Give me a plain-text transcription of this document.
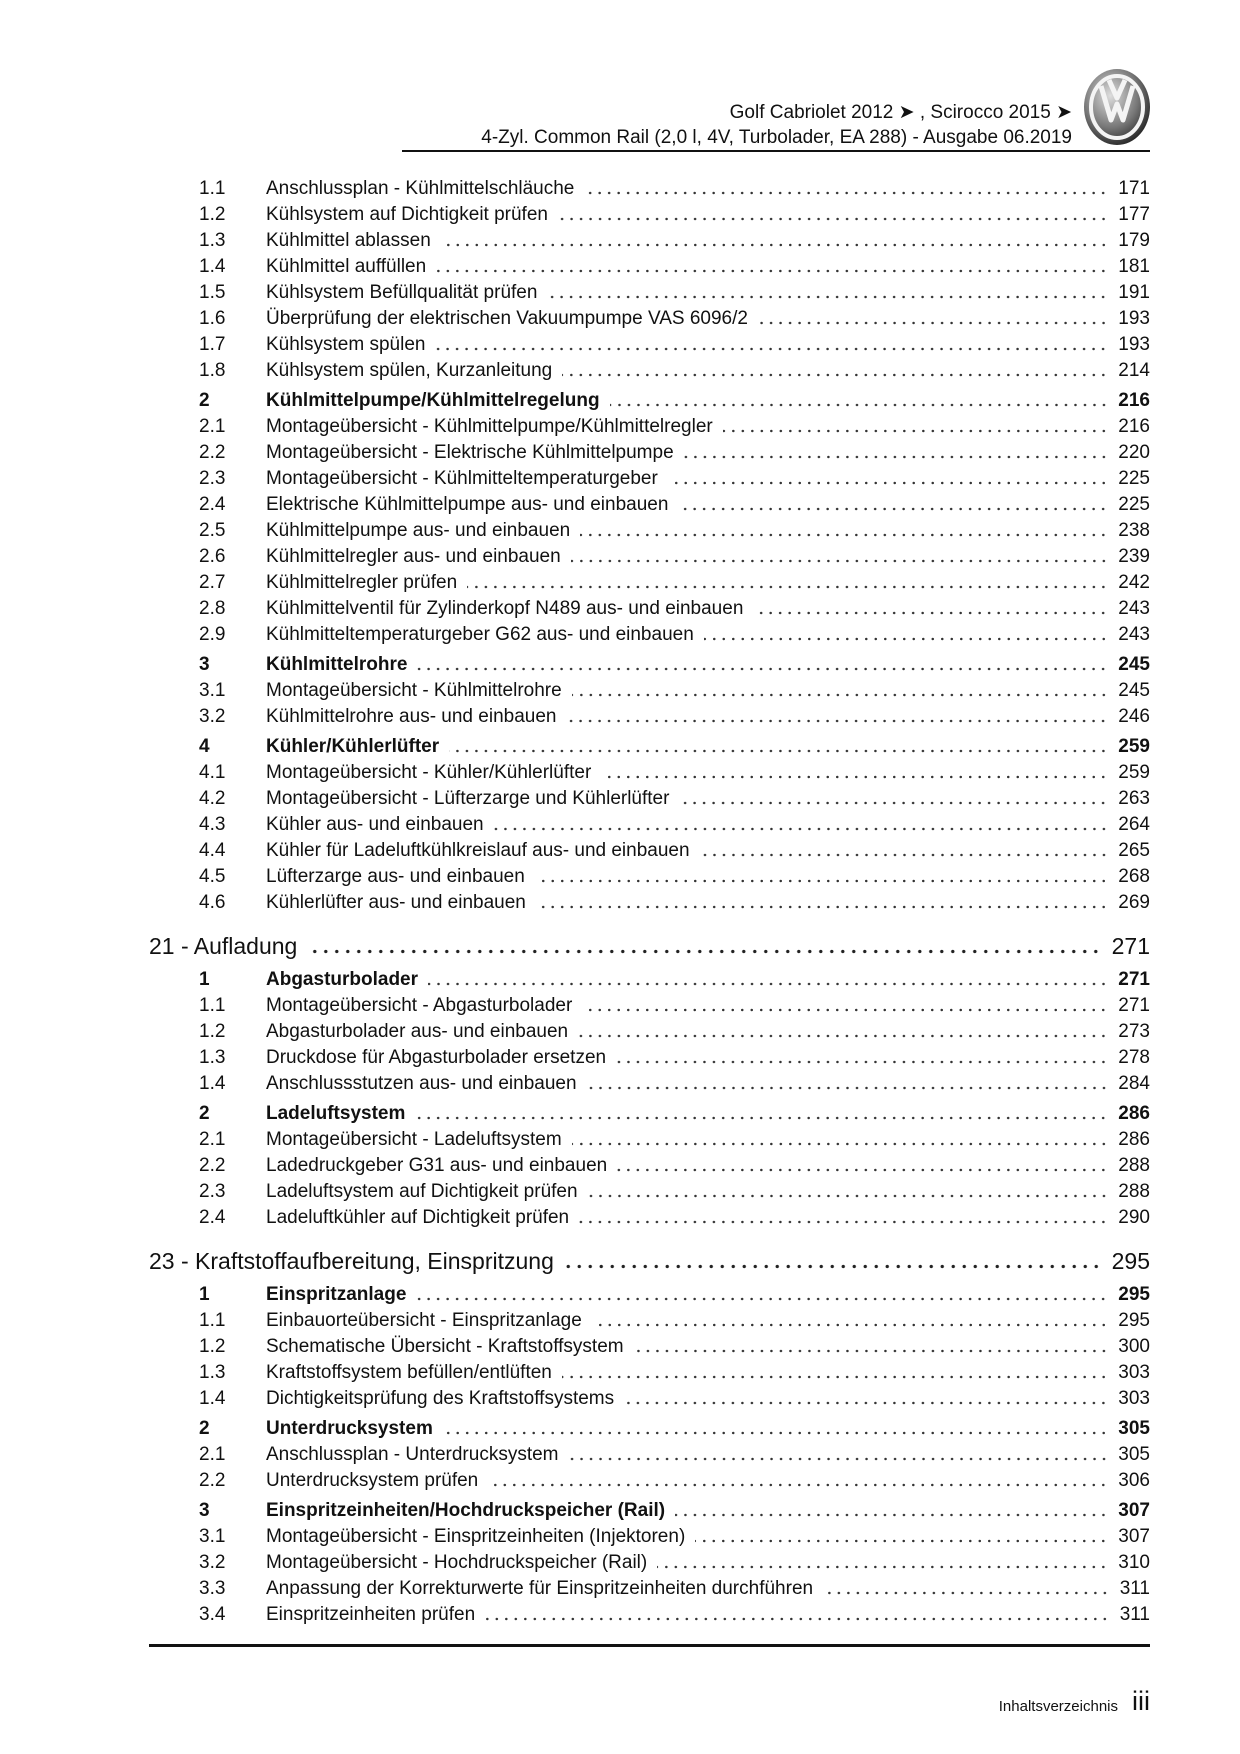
Golf Cabriolet 2012 ➤ , Scirocco 2015 ➤
4-Zyl. Common Rail (2,0 l, 4V, Turbolader, EA 288) - Ausgabe 06.2019
1.1	Anschlussplan - Kühlmittelschläuche	171
1.2	Kühlsystem auf Dichtigkeit prüfen	177
1.3	Kühlmittel ablassen	179
1.4	Kühlmittel auffüllen	181
1.5	Kühlsystem Befüllqualität prüfen	191
1.6	Überprüfung der elektrischen Vakuumpumpe VAS 6096/2	193
1.7	Kühlsystem spülen	193
1.8	Kühlsystem spülen, Kurzanleitung	214
2	Kühlmittelpumpe/Kühlmittelregelung	216
2.1	Montageübersicht - Kühlmittelpumpe/Kühlmittelregler	216
2.2	Montageübersicht - Elektrische Kühlmittelpumpe	220
2.3	Montageübersicht - Kühlmitteltemperaturgeber	225
2.4	Elektrische Kühlmittelpumpe aus- und einbauen	225
2.5	Kühlmittelpumpe aus- und einbauen	238
2.6	Kühlmittelregler aus- und einbauen	239
2.7	Kühlmittelregler prüfen	242
2.8	Kühlmittelventil für Zylinderkopf N489 aus- und einbauen	243
2.9	Kühlmitteltemperaturgeber G62 aus- und einbauen	243
3	Kühlmittelrohre	245
3.1	Montageübersicht - Kühlmittelrohre	245
3.2	Kühlmittelrohre aus- und einbauen	246
4	Kühler/Kühlerlüfter	259
4.1	Montageübersicht - Kühler/Kühlerlüfter	259
4.2	Montageübersicht - Lüfterzarge und Kühlerlüfter	263
4.3	Kühler aus- und einbauen	264
4.4	Kühler für Ladeluftkühlkreislauf aus- und einbauen	265
4.5	Lüfterzarge aus- und einbauen	268
4.6	Kühlerlüfter aus- und einbauen	269
21 - Aufladung	271
1	Abgasturbolader	271
1.1	Montageübersicht - Abgasturbolader	271
1.2	Abgasturbolader aus- und einbauen	273
1.3	Druckdose für Abgasturbolader ersetzen	278
1.4	Anschlussstutzen aus- und einbauen	284
2	Ladeluftsystem	286
2.1	Montageübersicht - Ladeluftsystem	286
2.2	Ladedruckgeber G31 aus- und einbauen	288
2.3	Ladeluftsystem auf Dichtigkeit prüfen	288
2.4	Ladeluftkühler auf Dichtigkeit prüfen	290
23 - Kraftstoffaufbereitung, Einspritzung	295
1	Einspritzanlage	295
1.1	Einbauorteübersicht - Einspritzanlage	295
1.2	Schematische Übersicht - Kraftstoffsystem	300
1.3	Kraftstoffsystem befüllen/entlüften	303
1.4	Dichtigkeitsprüfung des Kraftstoffsystems	303
2	Unterdrucksystem	305
2.1	Anschlussplan - Unterdrucksystem	305
2.2	Unterdrucksystem prüfen	306
3	Einspritzeinheiten/Hochdruckspeicher (Rail)	307
3.1	Montageübersicht - Einspritzeinheiten (Injektoren)	307
3.2	Montageübersicht - Hochdruckspeicher (Rail)	310
3.3	Anpassung der Korrekturwerte für Einspritzeinheiten durchführen	311
3.4	Einspritzeinheiten prüfen	311
Inhaltsverzeichnis iii
